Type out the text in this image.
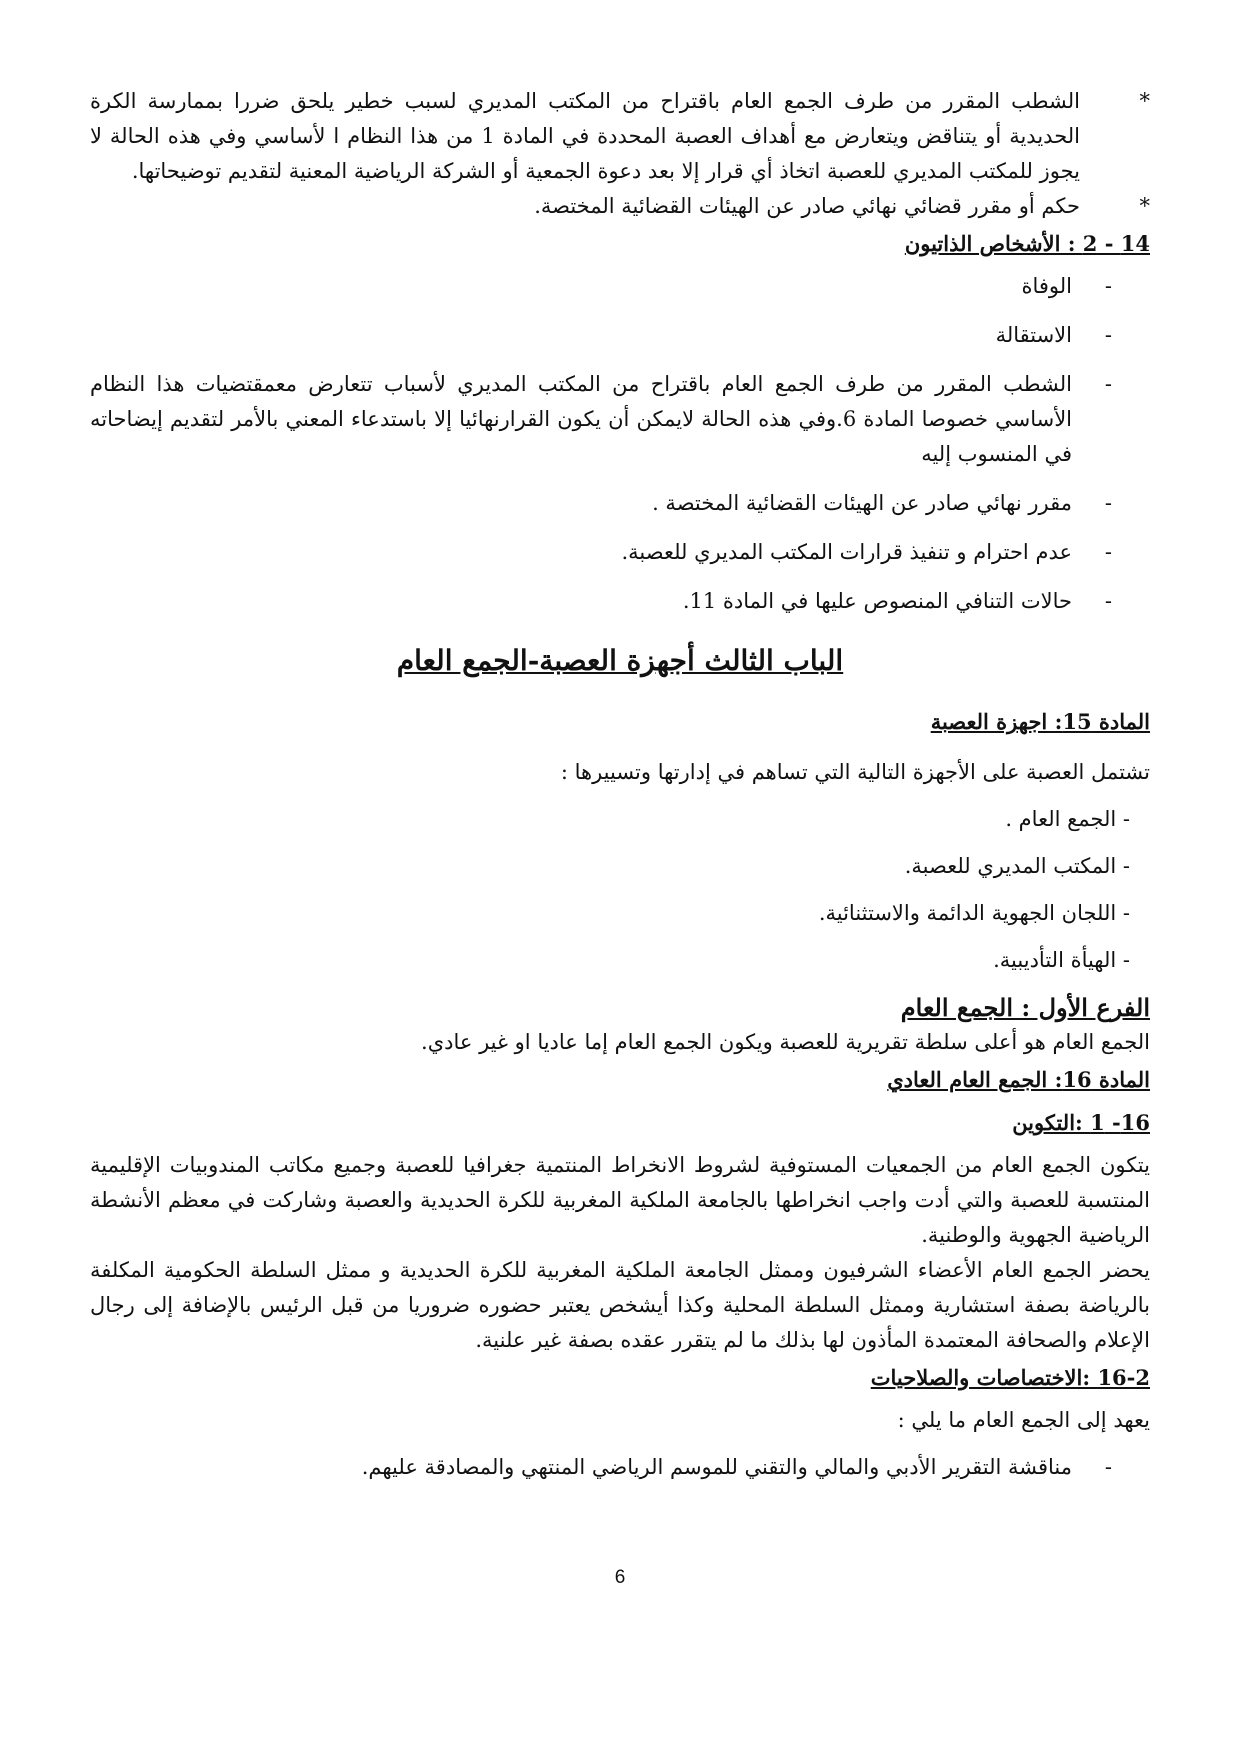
*

الشطب المقرر من طرف الجمع العام باقتراح من المكتب المديري لسبب خطير يلحق ضررا بممارسة الكرة الحديدية أو يتناقض ويتعارض مع أهداف العصبة المحددة في المادة 1 من هذا النظام ا لأساسي وفي هذه الحالة لا يجوز للمكتب المديري للعصبة اتخاذ أي قرار إلا بعد دعوة الجمعية أو الشركة الرياضية المعنية لتقديم توضيحاتها.

*

حكم أو مقرر قضائي نهائي صادر عن الهيئات القضائية المختصة.

14 - 2 : الأشخاص الذاتيون
- الوفاة
- الاستقالة
- الشطب المقرر من طرف الجمع العام باقتراح من المكتب المديري لأسباب تتعارض معمقتضيات هذا النظام الأساسي خصوصا المادة 6.وفي هذه الحالة لايمكن أن يكون القرارنهائيا إلا باستدعاء المعني بالأمر لتقديم إيضاحاته في المنسوب إليه
- مقرر نهائي صادر عن الهيئات القضائية المختصة .
- عدم احترام و تنفيذ قرارات المكتب المديري للعصبة.
- حالات التنافي المنصوص عليها في المادة 11.
الباب الثالث أجهزة العصبة-الجمع العام
المادة 15: اجهزة العصبة

تشتمل العصبة على الأجهزة التالية التي تساهم في إدارتها وتسييرها :

- الجمع العام .
- المكتب المديري للعصبة.
- اللجان الجهوية الدائمة والاستثنائية.
- الهيأة التأديبية.
الفرع الأول : الجمع العام

الجمع العام هو أعلى سلطة تقريرية للعصبة ويكون الجمع العام إما عاديا او غير عادي.

المادة 16: الجمع العام العادي
16- 1 :التكوين

يتكون الجمع العام من الجمعيات المستوفية لشروط الانخراط المنتمية جغرافيا للعصبة وجميع مكاتب المندوبيات الإقليمية المنتسبة للعصبة والتي أدت واجب انخراطها بالجامعة الملكية المغربية للكرة الحديدية والعصبة وشاركت في معظم الأنشطة الرياضية الجهوية والوطنية.

يحضر الجمع العام الأعضاء الشرفيون وممثل الجامعة الملكية المغربية للكرة الحديدية و ممثل السلطة الحكومية المكلفة بالرياضة بصفة استشارية وممثل السلطة المحلية وكذا أيشخص يعتبر حضوره ضروريا من قبل الرئيس بالإضافة إلى رجال الإعلام والصحافة المعتمدة المأذون لها بذلك ما لم يتقرر عقده بصفة غير علنية.

16-2 :الاختصاصات والصلاحيات

يعهد إلى الجمع العام ما يلي :

- مناقشة التقرير الأدبي والمالي والتقني للموسم الرياضي المنتهي والمصادقة عليهم.
6
